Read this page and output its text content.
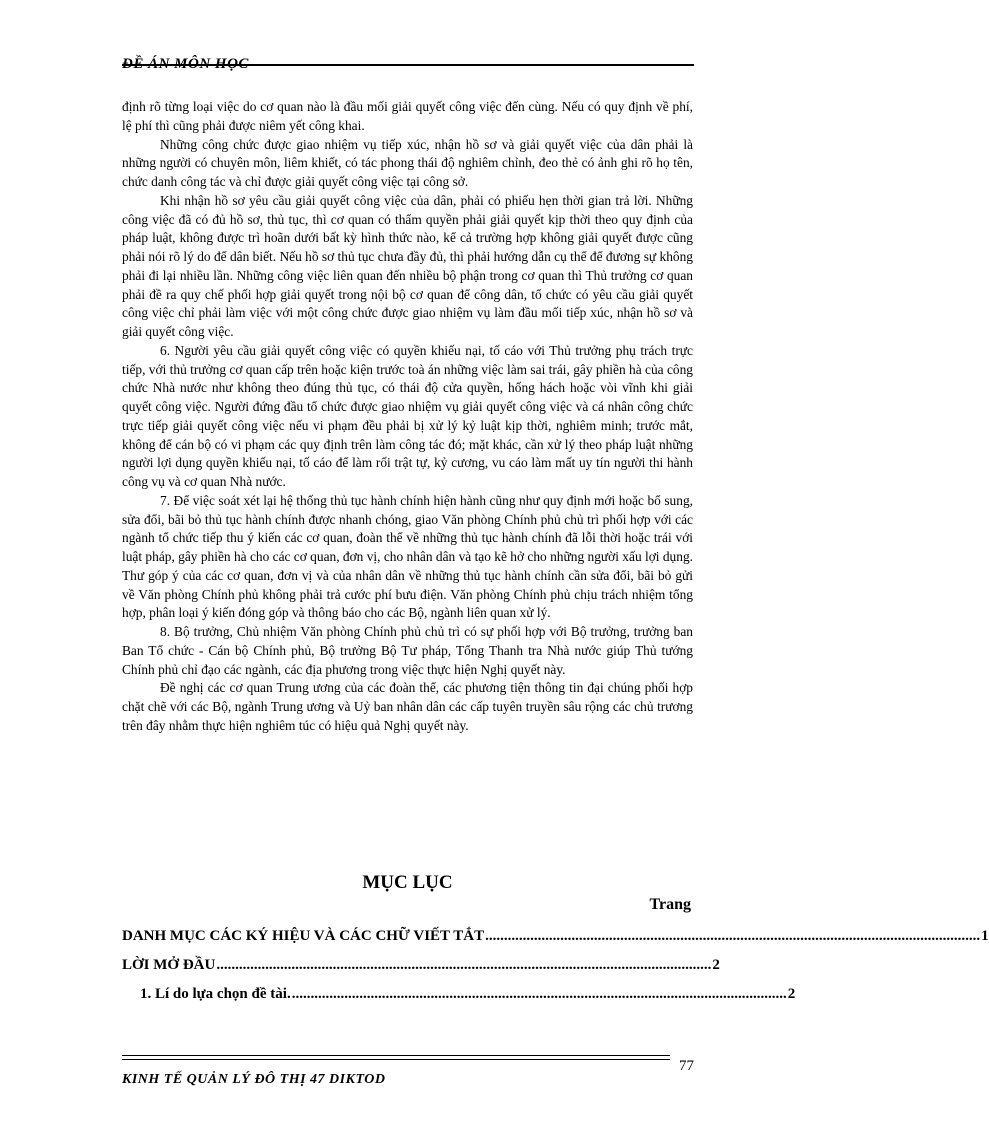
ĐỀ ÁN MÔN HỌC

định rõ từng loại việc do cơ quan nào là đầu mối giải quyết công việc đến cùng. Nếu có quy định về phí, lệ phí thì cũng phải được niêm yết công khai.

Những công chức được giao nhiệm vụ tiếp xúc, nhận hồ sơ và giải quyết việc của dân phải là những người có chuyên môn, liêm khiết, có tác phong thái độ nghiêm chỉnh, đeo thẻ có ảnh ghi rõ họ tên, chức danh công tác và chỉ được giải quyết công việc tại công sở.

Khi nhận hồ sơ yêu cầu giải quyết công việc của dân, phải có phiếu hẹn thời gian trả lời. Những công việc đã có đủ hồ sơ, thủ tục, thì cơ quan có thẩm quyền phải giải quyết kịp thời theo quy định của pháp luật, không được trì hoãn dưới bất kỳ hình thức nào, kể cả trường hợp không giải quyết được cũng phải nói rõ lý do để dân biết. Nếu hồ sơ thủ tục chưa đầy đủ, thì phải hướng dẫn cụ thể để đương sự không phải đi lại nhiều lần. Những công việc liên quan đến nhiều bộ phận trong cơ quan thì Thủ trưởng cơ quan phải đề ra quy chế phối hợp giải quyết trong nội bộ cơ quan để công dân, tổ chức có yêu cầu giải quyết công việc chỉ phải làm việc với một công chức được giao nhiệm vụ làm đầu mối tiếp xúc, nhận hồ sơ và giải quyết công việc.

6. Người yêu cầu giải quyết công việc có quyền khiếu nại, tố cáo với Thủ trưởng phụ trách trực tiếp, với thủ trưởng cơ quan cấp trên hoặc kiện trước toà án những việc làm sai trái, gây phiền hà của công chức Nhà nước như không theo đúng thủ tục, có thái độ cửa quyền, hống hách hoặc vòi vĩnh khi giải quyết công việc. Người đứng đầu tổ chức được giao nhiệm vụ giải quyết công việc và cá nhân công chức trực tiếp giải quyết công việc nếu vi phạm đều phải bị xử lý kỷ luật kịp thời, nghiêm minh; trước mắt, không để cán bộ có vi phạm các quy định trên làm công tác đó; mặt khác, cần xử lý theo pháp luật những người lợi dụng quyền khiếu nại, tố cáo để làm rối trật tự, kỷ cương, vu cáo làm mất uy tín người thi hành công vụ và cơ quan Nhà nước.

7. Để việc soát xét lại hệ thống thủ tục hành chính hiện hành cũng như quy định mới hoặc bổ sung, sửa đổi, bãi bỏ thủ tục hành chính được nhanh chóng, giao Văn phòng Chính phủ chủ trì phối hợp với các ngành tổ chức tiếp thu ý kiến các cơ quan, đoàn thể về những thủ tục hành chính đã lỗi thời hoặc trái với luật pháp, gây phiền hà cho các cơ quan, đơn vị, cho nhân dân và tạo kẽ hở cho những người xấu lợi dụng. Thư góp ý của các cơ quan, đơn vị và của nhân dân về những thủ tục hành chính cần sửa đổi, bãi bỏ gửi về Văn phòng Chính phủ không phải trả cước phí bưu điện. Văn phòng Chính phủ chịu trách nhiệm tổng hợp, phân loại ý kiến đóng góp và thông báo cho các Bộ, ngành liên quan xử lý.

8. Bộ trưởng, Chủ nhiệm Văn phòng Chính phủ chủ trì có sự phối hợp với Bộ trưởng, trưởng ban Ban Tổ chức - Cán bộ Chính phủ, Bộ trưởng Bộ Tư pháp, Tổng Thanh tra Nhà nước giúp Thủ tướng Chính phủ chỉ đạo các ngành, các địa phương trong việc thực hiện Nghị quyết này.

Đề nghị các cơ quan Trung ương của các đoàn thể, các phương tiện thông tin đại chúng phối hợp chặt chẽ với các Bộ, ngành Trung ương và Uỷ ban nhân dân các cấp tuyên truyền sâu rộng các chủ trương trên đây nhằm thực hiện nghiêm túc có hiệu quả Nghị quyết này.

MỤC LỤC
Trang
DANH MỤC CÁC KÝ HIỆU VÀ CÁC CHỮ VIẾT TẮT .................................................................................................................................... 1
LỜI MỞ ĐẦU .................................................................................................................................... 2
1. Lí do lựa chọn đề tài. .................................................................................................................................... 2
KINH TẾ QUẢN LÝ ĐÔ THỊ 47 DIKTOD
77
